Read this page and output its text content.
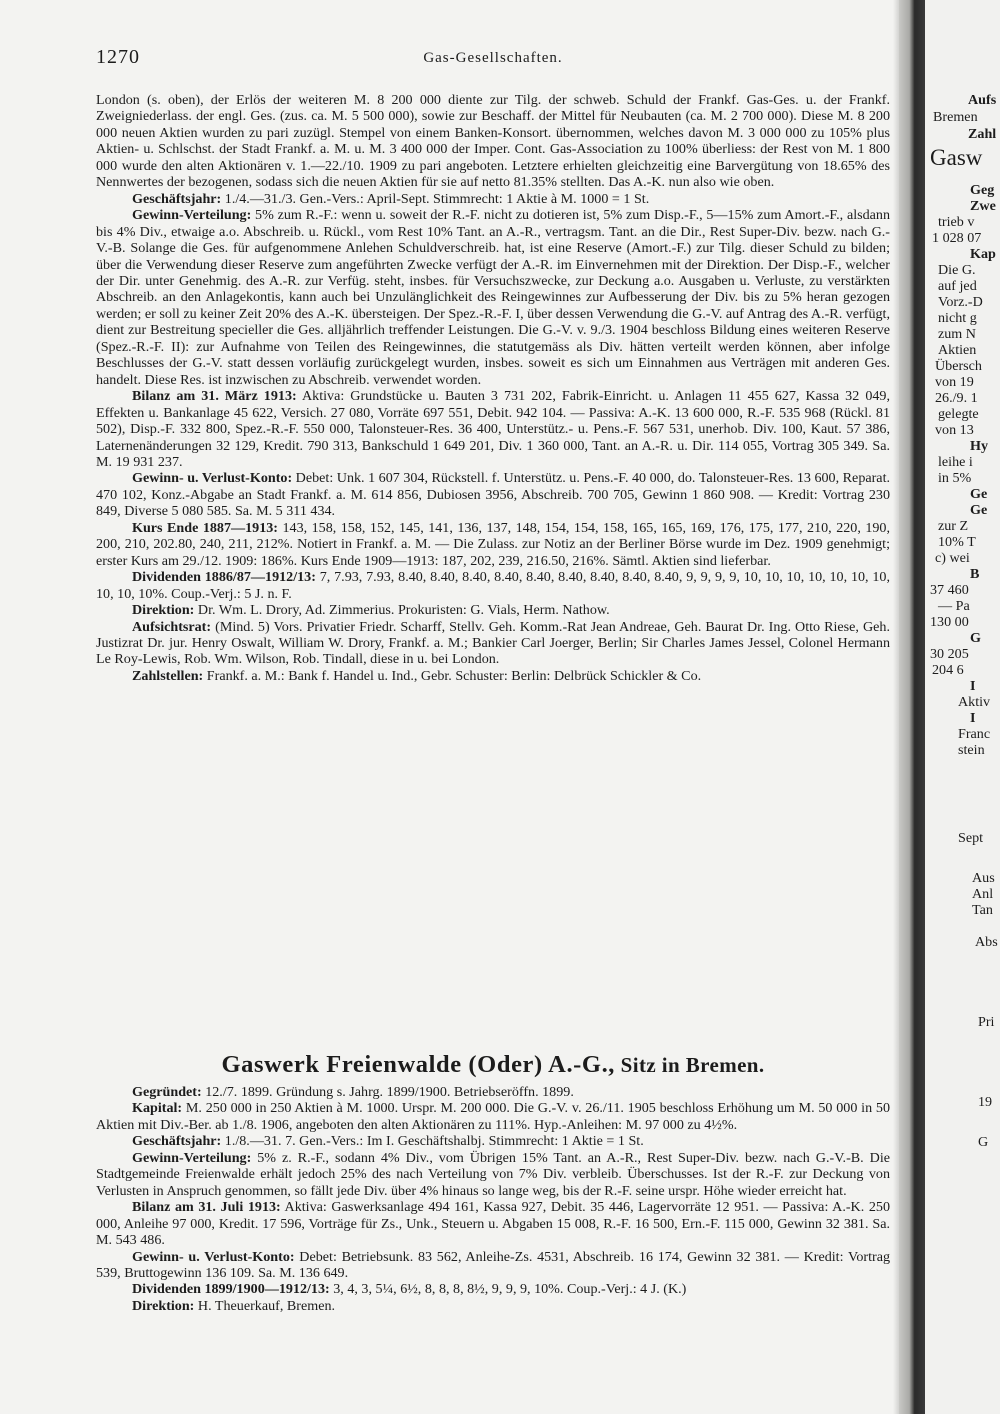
1270	Gas-Gesellschaften.

London (s. oben), der Erlös der weiteren M. 8 200 000 diente zur Tilg. der schweb. Schuld der Frankf. Gas-Ges. u. der Frankf. Zweigniederlass. der engl. Ges. (zus. ca. M. 5 500 000), sowie zur Beschaff. der Mittel für Neubauten (ca. M. 2 700 000). Diese M. 8 200 000 neuen Aktien wurden zu pari zuzügl. Stempel von einem Banken-Konsort. übernommen, welches davon M. 3 000 000 zu 105% plus Aktien- u. Schlschst. der Stadt Frankf. a. M. u. M. 3 400 000 der Imper. Cont. Gas-Association zu 100% überliess: der Rest von M. 1 800 000 wurde den alten Aktionären v. 1.—22./10. 1909 zu pari angeboten. Letztere erhielten gleichzeitig eine Barvergütung von 18.65% des Nennwertes der bezogenen, sodass sich die neuen Aktien für sie auf netto 81.35% stellten. Das A.-K. nun also wie oben.

Geschäftsjahr: 1./4.—31./3. Gen.-Vers.: April-Sept. Stimmrecht: 1 Aktie à M. 1000 = 1 St.

Gewinn-Verteilung: 5% zum R.-F.: wenn u. soweit der R.-F. nicht zu dotieren ist, 5% zum Disp.-F., 5—15% zum Amort.-F., alsdann bis 4% Div., etwaige a.o. Abschreib. u. Rückl., vom Rest 10% Tant. an A.-R., vertragsm. Tant. an die Dir., Rest Super-Div. bezw. nach G.-V.-B. Solange die Ges. für aufgenommene Anlehen Schuldverschreib. hat, ist eine Reserve (Amort.-F.) zur Tilg. dieser Schuld zu bilden; über die Verwendung dieser Reserve zum angeführten Zwecke verfügt der A.-R. im Einvernehmen mit der Direktion. Der Disp.-F., welcher der Dir. unter Genehmig. des A.-R. zur Verfüg. steht, insbes. für Versuchszwecke, zur Deckung a.o. Ausgaben u. Verluste, zu verstärkten Abschreib. an den Anlagekontis, kann auch bei Unzulänglichkeit des Reingewinnes zur Aufbesserung der Div. bis zu 5% heran gezogen werden; er soll zu keiner Zeit 20% des A.-K. übersteigen. Der Spez.-R.-F. I, über dessen Verwendung die G.-V. auf Antrag des A.-R. verfügt, dient zur Bestreitung specieller die Ges. alljährlich treffender Leistungen. Die G.-V. v. 9./3. 1904 beschloss Bildung eines weiteren Reserve (Spez.-R.-F. II): zur Aufnahme von Teilen des Reingewinnes, die statutgemäss als Div. hätten verteilt werden können, aber infolge Beschlusses der G.-V. statt dessen vorläufig zurückgelegt wurden, insbes. soweit es sich um Einnahmen aus Verträgen mit anderen Ges. handelt. Diese Res. ist inzwischen zu Abschreib. verwendet worden.

Bilanz am 31. März 1913: Aktiva: Grundstücke u. Bauten 3 731 202, Fabrik-Einricht. u. Anlagen 11 455 627, Kassa 32 049, Effekten u. Bankanlage 45 622, Versich. 27 080, Vorräte 697 551, Debit. 942 104. — Passiva: A.-K. 13 600 000, R.-F. 535 968 (Rückl. 81 502), Disp.-F. 332 800, Spez.-R.-F. 550 000, Talonsteuer-Res. 36 400, Unterstütz.- u. Pens.-F. 567 531, unerhob. Div. 100, Kaut. 57 386, Laternenänderungen 32 129, Kredit. 790 313, Bankschuld 1 649 201, Div. 1 360 000, Tant. an A.-R. u. Dir. 114 055, Vortrag 305 349. Sa. M. 19 931 237.

Gewinn- u. Verlust-Konto: Debet: Unk. 1 607 304, Rückstell. f. Unterstütz. u. Pens.-F. 40 000, do. Talonsteuer-Res. 13 600, Reparat. 470 102, Konz.-Abgabe an Stadt Frankf. a. M. 614 856, Dubiosen 3956, Abschreib. 700 705, Gewinn 1 860 908. — Kredit: Vortrag 230 849, Diverse 5 080 585. Sa. M. 5 311 434.

Kurs Ende 1887—1913: 143, 158, 158, 152, 145, 141, 136, 137, 148, 154, 154, 158, 165, 165, 169, 176, 175, 177, 210, 220, 190, 200, 210, 202.80, 240, 211, 212%. Notiert in Frankf. a. M. — Die Zulass. zur Notiz an der Berliner Börse wurde im Dez. 1909 genehmigt; erster Kurs am 29./12. 1909: 186%. Kurs Ende 1909—1913: 187, 202, 239, 216.50, 216%. Sämtl. Aktien sind lieferbar.

Dividenden 1886/87—1912/13: 7, 7.93, 7.93, 8.40, 8.40, 8.40, 8.40, 8.40, 8.40, 8.40, 8.40, 8.40, 9, 9, 9, 9, 10, 10, 10, 10, 10, 10, 10, 10, 10, 10%. Coup.-Verj.: 5 J. n. F.

Direktion: Dr. Wm. L. Drory, Ad. Zimmerius. Prokuristen: G. Vials, Herm. Nathow.

Aufsichtsrat: (Mind. 5) Vors. Privatier Friedr. Scharff, Stellv. Geh. Komm.-Rat Jean Andreae, Geh. Baurat Dr. Ing. Otto Riese, Geh. Justizrat Dr. jur. Henry Oswalt, William W. Drory, Frankf. a. M.; Bankier Carl Joerger, Berlin; Sir Charles James Jessel, Colonel Hermann Le Roy-Lewis, Rob. Wm. Wilson, Rob. Tindall, diese in u. bei London.

Zahlstellen: Frankf. a. M.: Bank f. Handel u. Ind., Gebr. Schuster: Berlin: Delbrück Schickler & Co.

Gaswerk Freienwalde (Oder) A.-G., Sitz in Bremen.

Gegründet: 12./7. 1899. Gründung s. Jahrg. 1899/1900. Betriebseröffn. 1899.

Kapital: M. 250 000 in 250 Aktien à M. 1000. Urspr. M. 200 000. Die G.-V. v. 26./11. 1905 beschloss Erhöhung um M. 50 000 in 50 Aktien mit Div.-Ber. ab 1./8. 1906, angeboten den alten Aktionären zu 111%. Hyp.-Anleihen: M. 97 000 zu 4½%.

Geschäftsjahr: 1./8.—31. 7. Gen.-Vers.: Im I. Geschäftshalbj. Stimmrecht: 1 Aktie = 1 St.

Gewinn-Verteilung: 5% z. R.-F., sodann 4% Div., vom Übrigen 15% Tant. an A.-R., Rest Super-Div. bezw. nach G.-V.-B. Die Stadtgemeinde Freienwalde erhält jedoch 25% des nach Verteilung von 7% Div. verbleib. Überschusses. Ist der R.-F. zur Deckung von Verlusten in Anspruch genommen, so fällt jede Div. über 4% hinaus so lange weg, bis der R.-F. seine urspr. Höhe wieder erreicht hat.

Bilanz am 31. Juli 1913: Aktiva: Gaswerksanlage 494 161, Kassa 927, Debit. 35 446, Lagervorräte 12 951. — Passiva: A.-K. 250 000, Anleihe 97 000, Kredit. 17 596, Vorträge für Zs., Unk., Steuern u. Abgaben 15 008, R.-F. 16 500, Ern.-F. 115 000, Gewinn 32 381. Sa. M. 543 486.

Gewinn- u. Verlust-Konto: Debet: Betriebsunk. 83 562, Anleihe-Zs. 4531, Abschreib. 16 174, Gewinn 32 381. — Kredit: Vortrag 539, Bruttogewinn 136 109. Sa. M. 136 649.

Dividenden 1899/1900—1912/13: 3, 4, 3, 5¼, 6½, 8, 8, 8, 8½, 9, 9, 9, 10%. Coup.-Verj.: 4 J. (K.)

Direktion: H. Theuerkauf, Bremen.

Aufs
Bremen
Zahl
Gasw
Geg
Zwe
trieb v
1 028 07
Kap
Die G.
auf jed
Vorz.-D
nicht g
zum N
Aktien
Übersch
von 19
26./9. 1
gelegte
von 13
Hy
leihe i
in 5%
Ge
Ge
zur Z
10% T
c) wei
B
37 460
— Pa
130 00
G
30 205
204 6
I
Aktiv
I
Franc
stein
Sept
Aus
Anl
Tan
Abs
Pri
19
G
